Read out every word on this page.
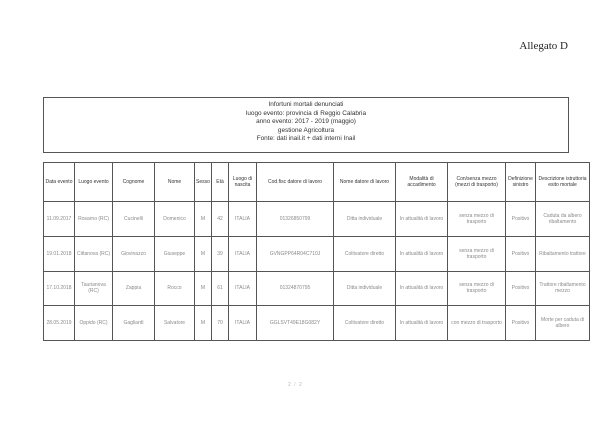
Allegato D
Infortuni mortali denunciati
luogo evento: provincia di Reggio Calabria
anno evento: 2017 - 2019 (maggio)
gestione Agricoltura
Fonte: dati inail.it + dati interni Inail
Data evento	Luogo evento	Cognome	Nome	Sesso	Età	Luogo di nascita	Cod.fisc datore di lavoro	Nome datore di lavoro	Modalità di accadimento	Con/senza mezzo (mezzi di trasporto)	Definizione sinistro	Descrizione istruttoria esito mortale
11.09.2017	Rosarno (RC)	Cucinelli	Domenico	M	42	ITALIA	01326850799	Ditta individuale	In attualità di lavoro	senza mezzo di trasporto	Positivo	Caduta da albero ribaltamento
19.01.2018	Cittanova (RC)	Giovinazzo	Giuseppe	M	39	ITALIA	GVNGPP64R04C710J	Coltivatore diretto	In attualità di lavoro	senza mezzo di trasporto	Positivo	Ribaltamento trattore
17.10.2018	Taurianova (RC)	Zappia	Rocco	M	61	ITALIA	01324870795	Ditta individuale	In attualità di lavoro	senza mezzo di trasporto	Positivo	Trattore ribaltamento mezzo
28.05.2019	Oppido (RC)	Gagliardi	Salvatore	M	70	ITALIA	GGLSVT49E18G082Y	Coltivatore diretto	In attualità di lavoro	con mezzo di trasporto	Positivo	Morte per caduta di albero
2 / 2
